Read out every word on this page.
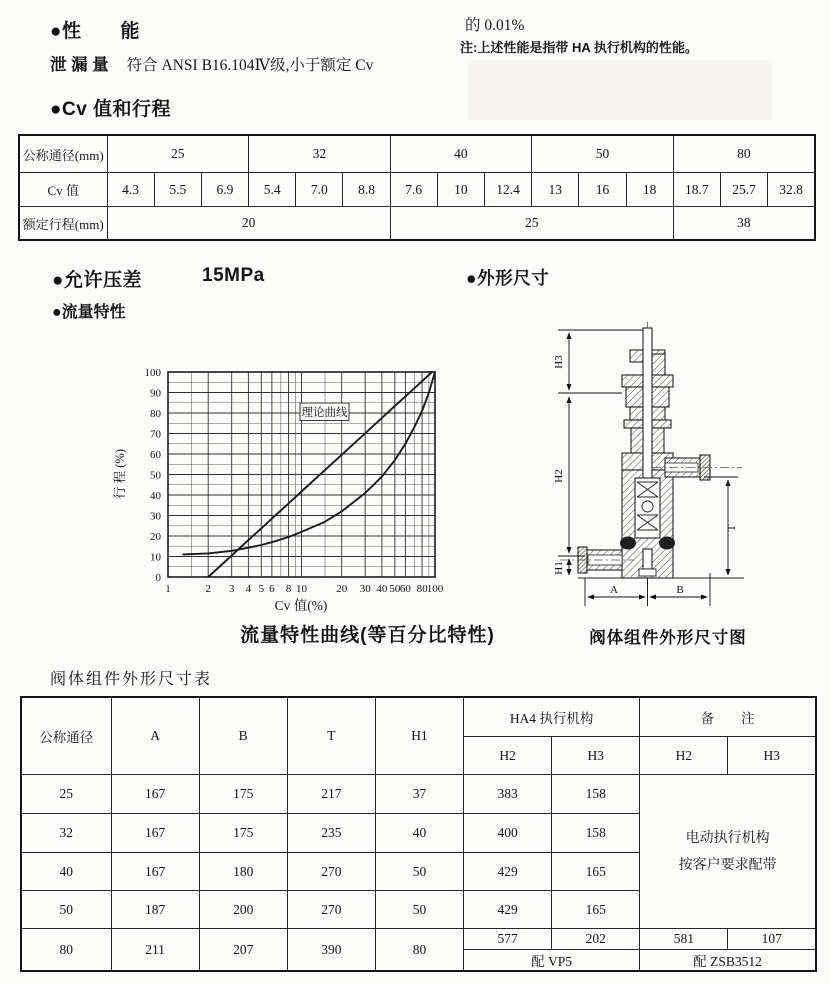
●性　　能
泄 漏 量 符合 ANSI B16.104Ⅳ级,小于额定 Cv
的 0.01%
注:上述性能是指带 HA 执行机构的性能。
●Cv 值和行程
公称通径(mm)	25			32			40			50			80		
Cv 值	4.3	5.5	6.9	5.4	7.0	8.8	7.6	10	12.4	13	16	18	18.7	25.7	32.8
额定行程(mm)	20						25						38		
●允许压差	15MPa	●外形尺寸
●流量特性
0
10
20
30
40
50
60
70
80
90
100
1	2 3 4 5 6 8 10	20 30 40 50 60 80 100
理论曲线
Cv 值(%)
行 程 (%)
流量特性曲线(等百分比特性)
H3
H2
H1
T
A	B
阀体组件外形尺寸图
阀体组件外形尺寸表
公称通径	A	B	T	H1	HA4 执行机构		备　　注	
					H2	H3	H2	H3
25	167	175	217	37	383	158	电动执行机构
按客户要求配带	

32	167	175	235	40	400	158		
40	167	180	270	50	429	165		
50	187	200	270	50	429	165		
80	211	207	390	80	577	202	581	107
					配 VP5		配 ZSB3512	
